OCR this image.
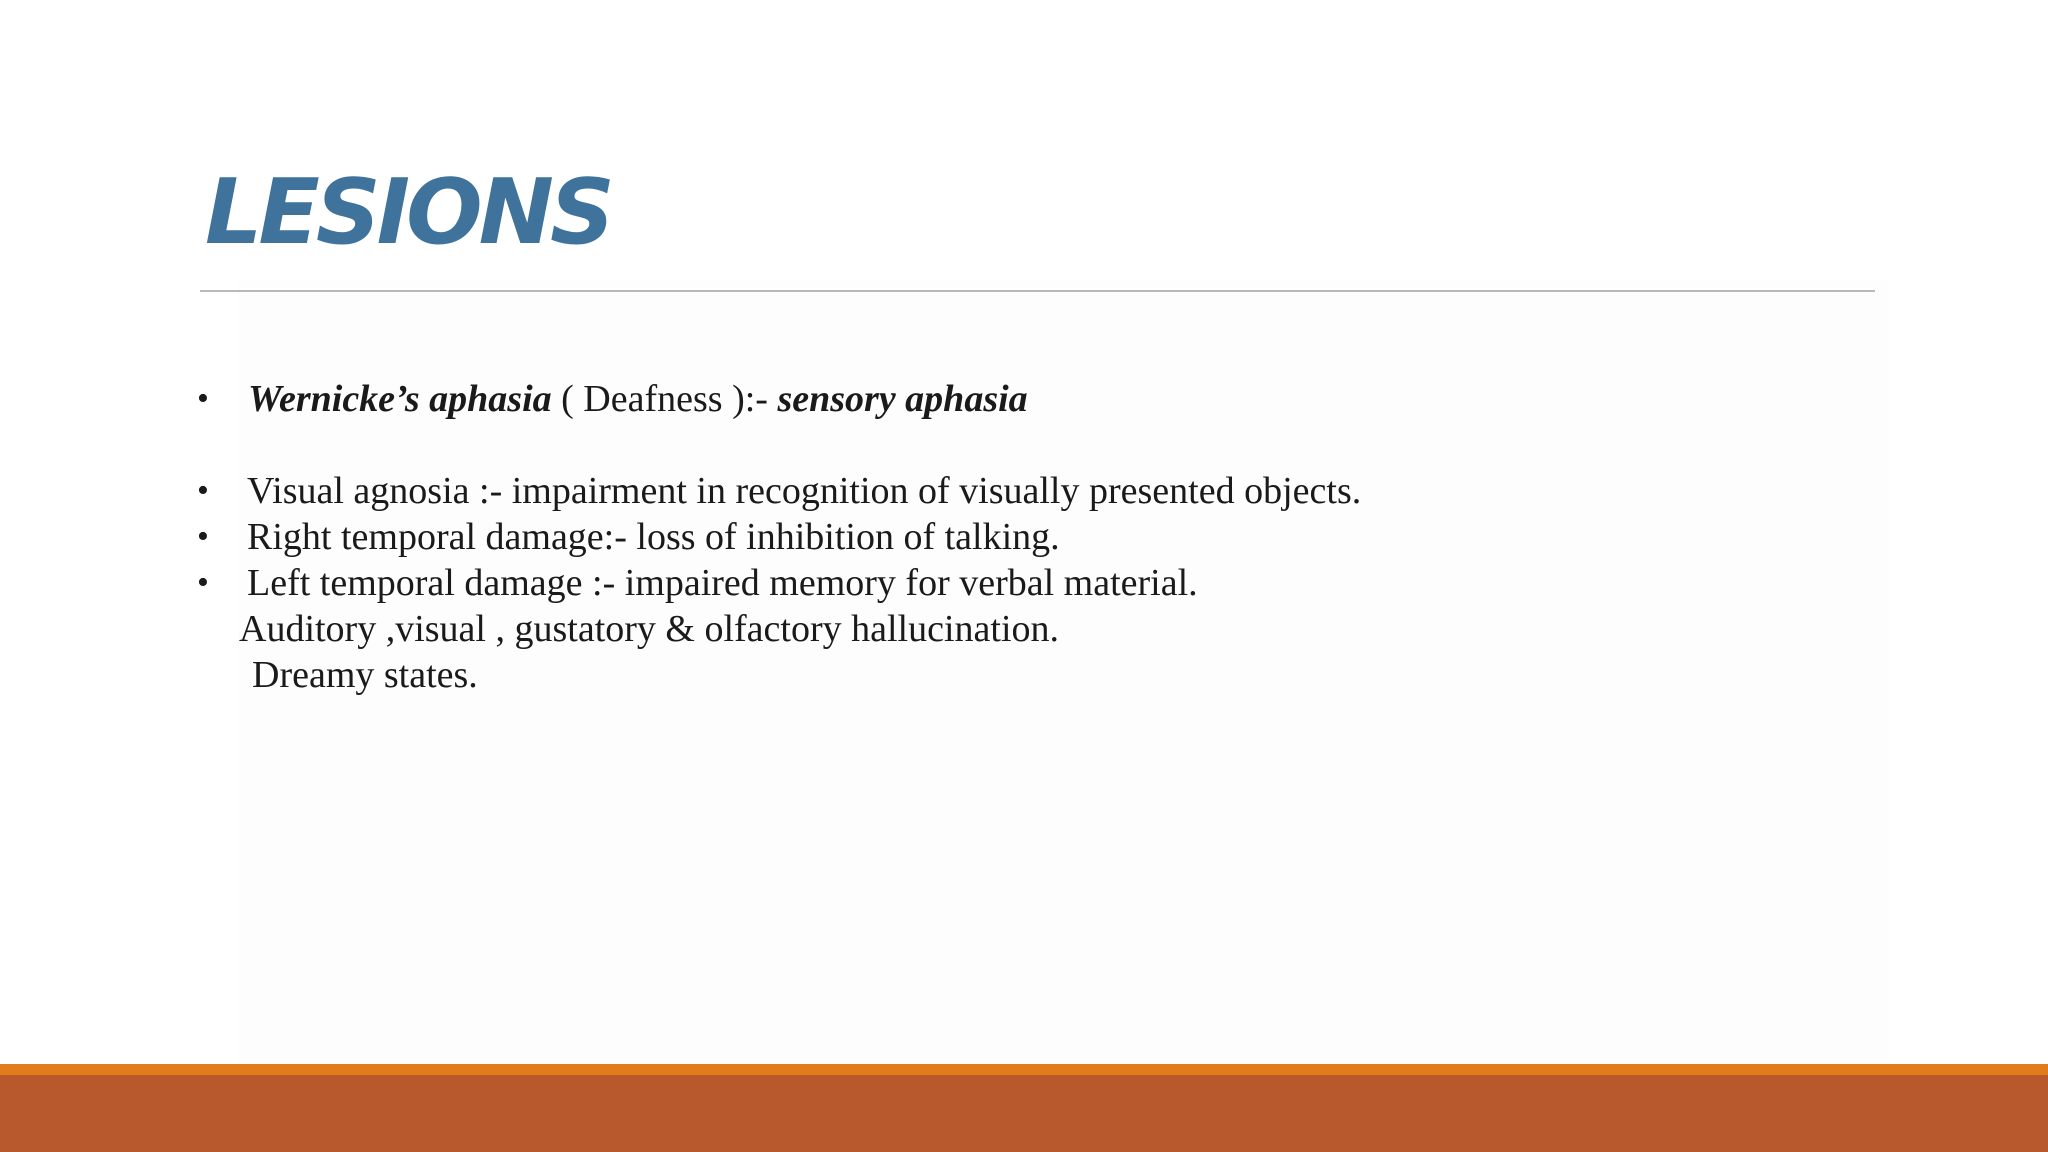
LESIONS
• Wernicke’s aphasia ( Deafness ):- sensory aphasia
• Visual agnosia :- impairment in recognition of visually presented objects.
• Right temporal damage:- loss of inhibition of talking.
• Left temporal damage :- impaired memory for verbal material.
Auditory ,visual , gustatory & olfactory hallucination.
Dreamy states.
